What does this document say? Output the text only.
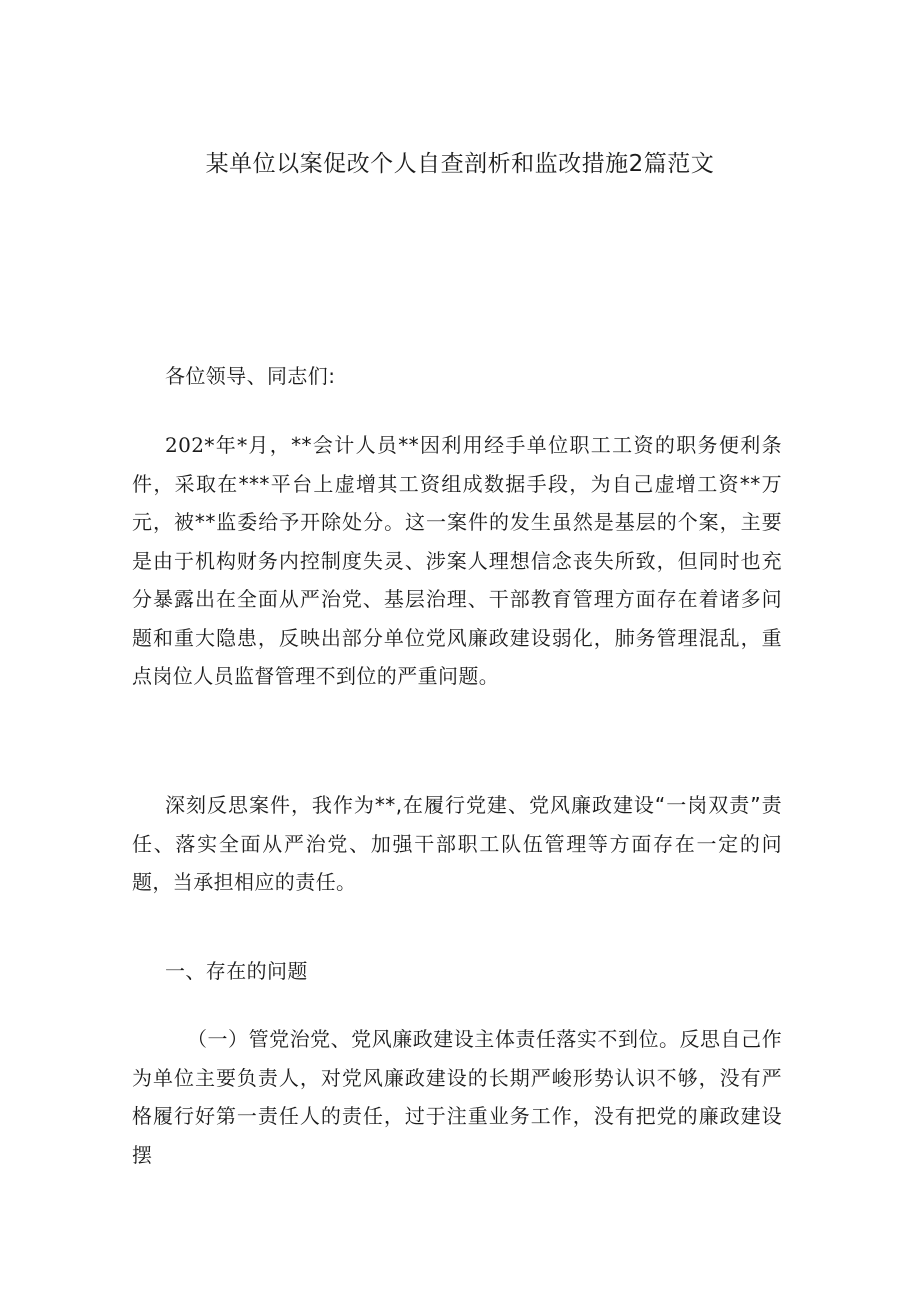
某单位以案促改个人自查剖析和监改措施2篇范文
各位领导、同志们:
202*年*月，**会计人员**因利用经手单位职工工资的职务便利条件，采取在***平台上虚增其工资组成数据手段，为自己虚增工资**万元，被**监委给予开除处分。这一案件的发生虽然是基层的个案，主要是由于机构财务内控制度失灵、涉案人理想信念丧失所致，但同时也充分暴露出在全面从严治党、基层治理、干部教育管理方面存在着诸多问题和重大隐患，反映出部分单位党风廉政建设弱化，肺务管理混乱，重点岗位人员监督管理不到位的严重问题。
深刻反思案件，我作为**,在履行党建、党风廉政建设“一岗双责”责任、落实全面从严治党、加强干部职工队伍管理等方面存在一定的问题，当承担相应的责任。
一、存在的问题
（一）管党治党、党风廉政建设主体责任落实不到位。反思自己作为单位主要负责人，对党风廉政建设的长期严峻形势认识不够，没有严格履行好第一责任人的责任，过于注重业务工作，没有把党的廉政建设摆
